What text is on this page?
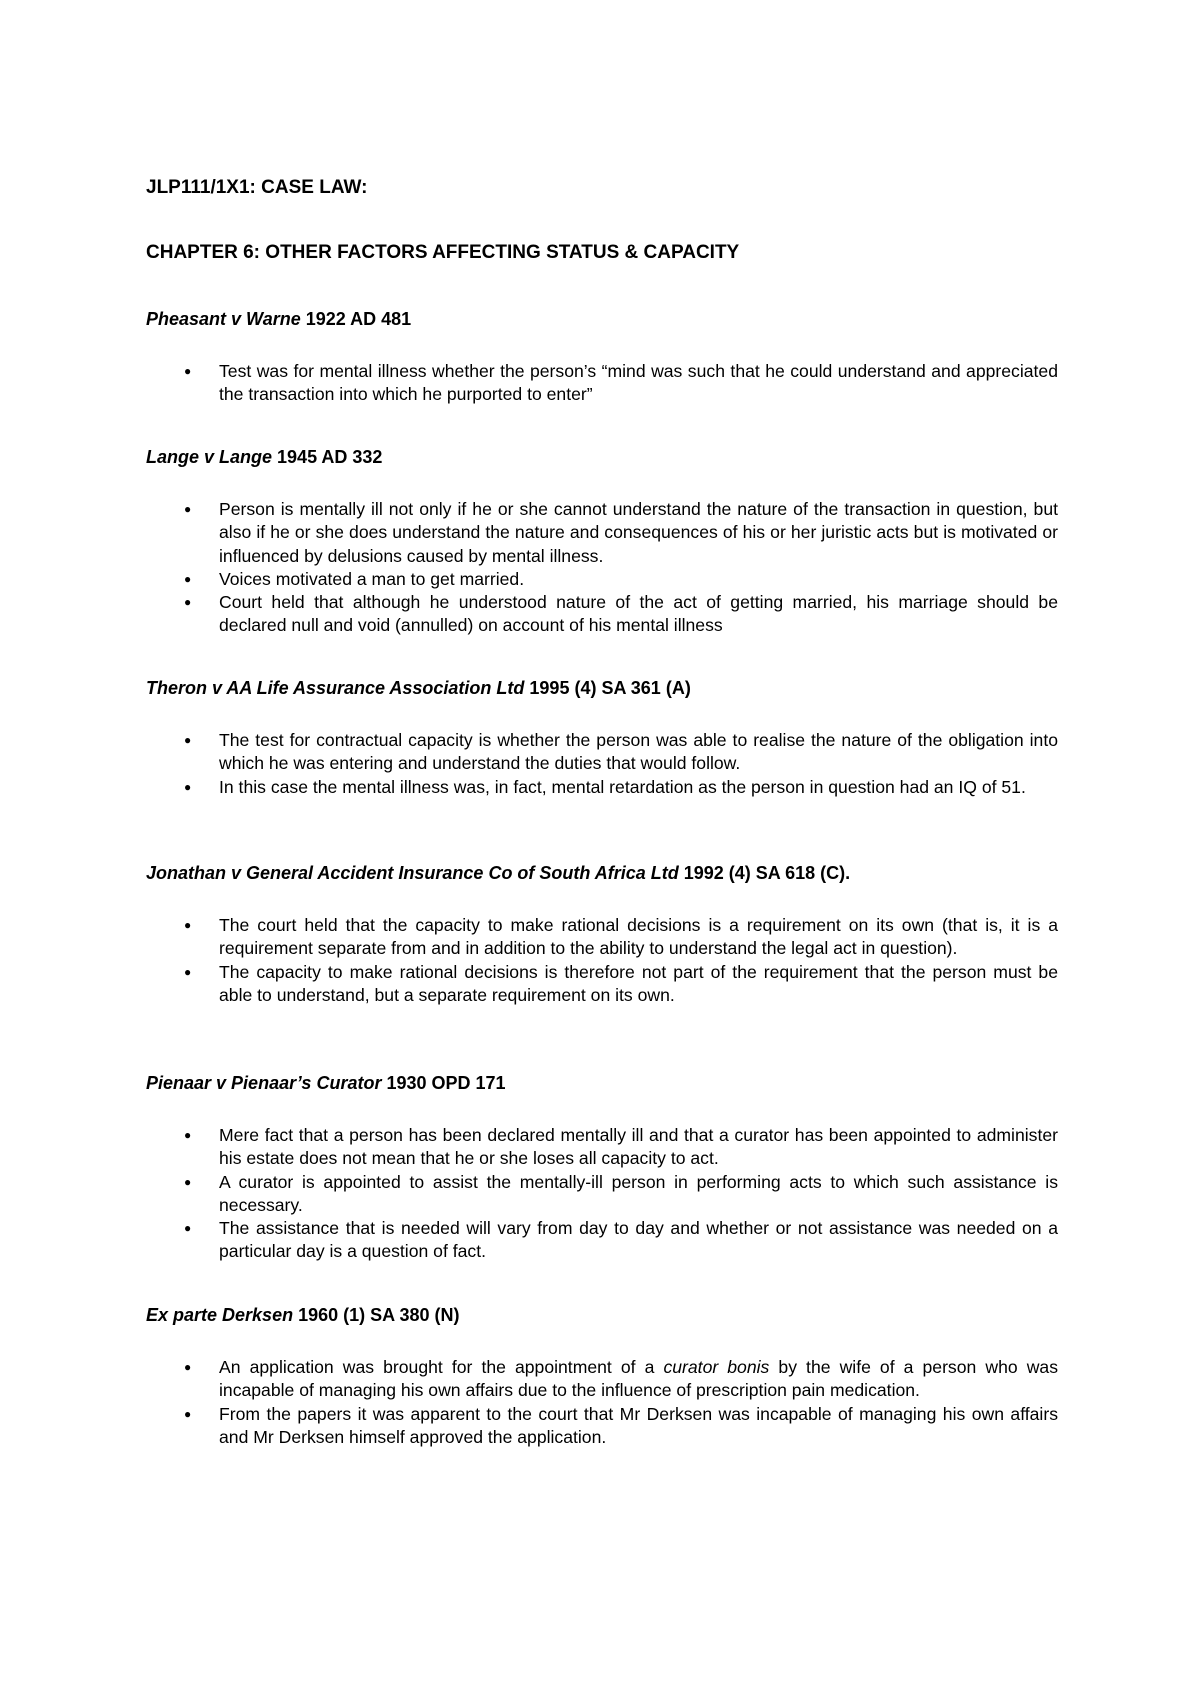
JLP111/1X1: CASE LAW:
CHAPTER 6: OTHER FACTORS AFFECTING STATUS & CAPACITY

Pheasant v Warne 1922 AD 481

● Test was for mental illness whether the person’s “mind was such that he could understand and appreciated the transaction into which he purported to enter”

Lange v Lange 1945 AD 332

● Person is mentally ill not only if he or she cannot understand the nature of the transaction in question, but also if he or she does understand the nature and consequences of his or her juristic acts but is motivated or influenced by delusions caused by mental illness.
● Voices motivated a man to get married.
● Court held that although he understood nature of the act of getting married, his marriage should be declared null and void (annulled) on account of his mental illness

Theron v AA Life Assurance Association Ltd 1995 (4) SA 361 (A)

● The test for contractual capacity is whether the person was able to realise the nature of the obligation into which he was entering and understand the duties that would follow.
● In this case the mental illness was, in fact, mental retardation as the person in question had an IQ of 51.

Jonathan v General Accident Insurance Co of South Africa Ltd 1992 (4) SA 618 (C).

● The court held that the capacity to make rational decisions is a requirement on its own (that is, it is a requirement separate from and in addition to the ability to understand the legal act in question).
● The capacity to make rational decisions is therefore not part of the requirement that the person must be able to understand, but a separate requirement on its own.

Pienaar v Pienaar’s Curator 1930 OPD 171

● Mere fact that a person has been declared mentally ill and that a curator has been appointed to administer his estate does not mean that he or she loses all capacity to act.
● A curator is appointed to assist the mentally-ill person in performing acts to which such assistance is necessary.
● The assistance that is needed will vary from day to day and whether or not assistance was needed on a particular day is a question of fact.

Ex parte Derksen 1960 (1) SA 380 (N)

● An application was brought for the appointment of a curator bonis by the wife of a person who was incapable of managing his own affairs due to the influence of prescription pain medication.
● From the papers it was apparent to the court that Mr Derksen was incapable of managing his own affairs and Mr Derksen himself approved the application.
